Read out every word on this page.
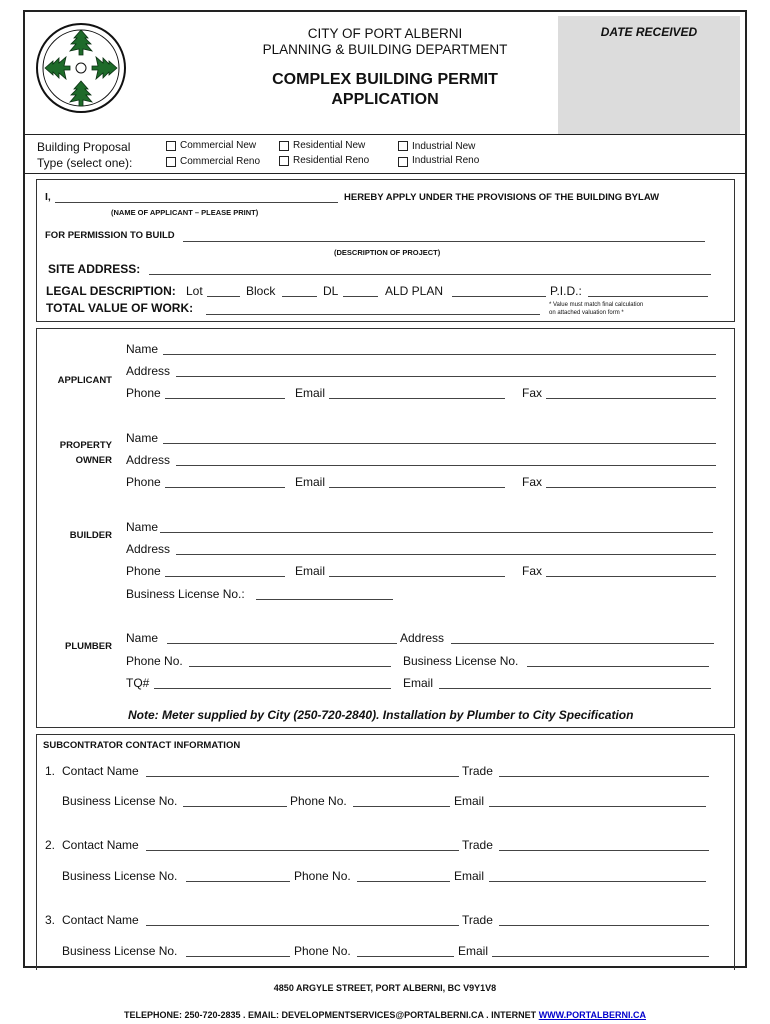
CITY OF PORT ALBERNI
PLANNING & BUILDING DEPARTMENT
COMPLEX BUILDING PERMIT
APPLICATION
DATE RECEIVED
Building Proposal
Type (select one):
Commercial New
Commercial Reno
Residential New
Residential Reno
Industrial New
Industrial Reno
I,	HEREBY APPLY UNDER THE PROVISIONS OF THE BUILDING BYLAW
(NAME OF APPLICANT – PLEASE PRINT)
FOR PERMISSION TO BUILD
(DESCRIPTION OF PROJECT)
SITE ADDRESS:
LEGAL DESCRIPTION: Lot	Block	DL	ALD PLAN	P.I.D.:
TOTAL VALUE OF WORK:	* Value must match final calculation
on attached valuation form *
APPLICANT
Name
Address
Phone	Email	Fax
PROPERTY
OWNER
Name
Address
Phone	Email	Fax
BUILDER
Name
Address
Phone	Email	Fax
Business License No.:
PLUMBER
Name	Address
Phone No.	Business License No.
TQ#	Email
Note: Meter supplied by City (250-720-2840). Installation by Plumber to City Specification
SUBCONTRATOR CONTACT INFORMATION
1. Contact Name	Trade
Business License No.	Phone No.	Email
2. Contact Name	Trade
Business License No.	Phone No.	Email
3. Contact Name	Trade
Business License No.	Phone No.	Email
4850 ARGYLE STREET, PORT ALBERNI, BC V9Y1V8
TELEPHONE: 250-720-2835 . EMAIL: DEVELOPMENTSERVICES@PORTALBERNI.CA . INTERNET WWW.PORTALBERNI.CA
